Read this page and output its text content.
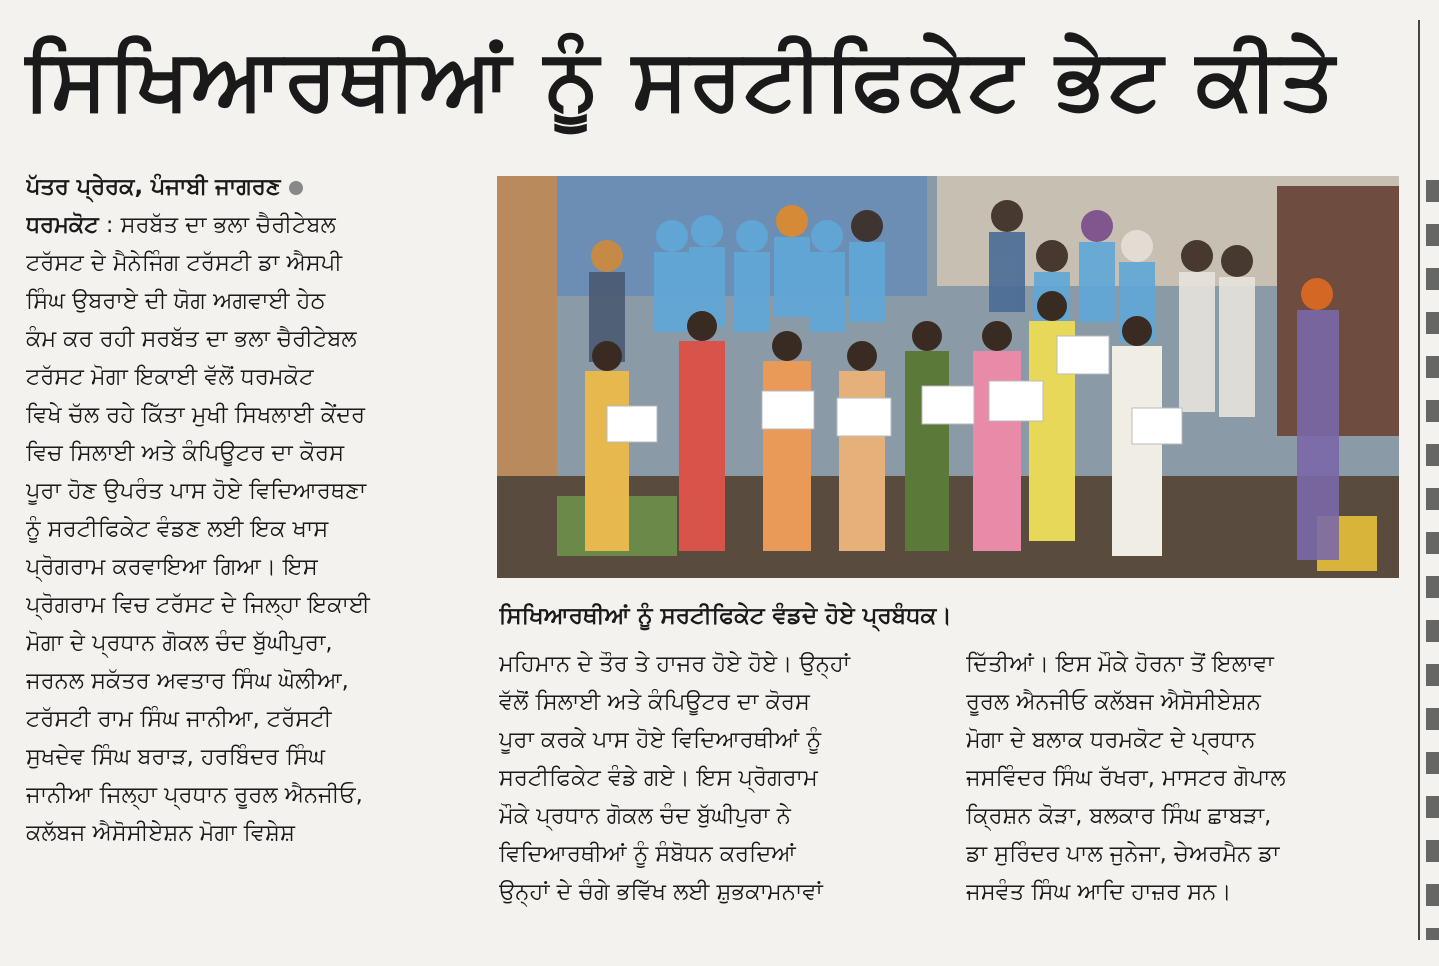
ਸਿਖਿਆਰਥੀਆਂ ਨੂੰ ਸਰਟੀਫਿਕੇਟ ਭੇਟ ਕੀਤੇ

ਪੱਤਰ ਪ੍ਰੇਰਕ, ਪੰਜਾਬੀ ਜਾਗਰਣ

ਧਰਮਕੋਟ : ਸਰਬੱਤ ਦਾ ਭਲਾ ਚੈਰੀਟੇਬਲ

ਟਰੱਸਟ ਦੇ ਮੈਨੇਜਿੰਗ ਟਰੱਸਟੀ ਡਾ ਐਸਪੀ

ਸਿੰਘ ਉਬਰਾਏ ਦੀ ਯੋਗ ਅਗਵਾਈ ਹੇਠ

ਕੰਮ ਕਰ ਰਹੀ ਸਰਬੱਤ ਦਾ ਭਲਾ ਚੈਰੀਟੇਬਲ

ਟਰੱਸਟ ਮੋਗਾ ਇਕਾਈ ਵੱਲੋਂ ਧਰਮਕੋਟ

ਵਿਖੇ ਚੱਲ ਰਹੇ ਕਿੱਤਾ ਮੁਖੀ ਸਿਖਲਾਈ ਕੇਂਦਰ

ਵਿਚ ਸਿਲਾਈ ਅਤੇ ਕੰਪਿਊਟਰ ਦਾ ਕੋਰਸ

ਪੂਰਾ ਹੋਣ ਉਪਰੰਤ ਪਾਸ ਹੋਏ ਵਿਦਿਆਰਥਣਾ

ਨੂੰ ਸਰਟੀਫਿਕੇਟ ਵੰਡਣ ਲਈ ਇਕ ਖਾਸ

ਪ੍ਰੋਗਰਾਮ ਕਰਵਾਇਆ ਗਿਆ। ਇਸ

ਪ੍ਰੋਗਰਾਮ ਵਿਚ ਟਰੱਸਟ ਦੇ ਜਿਲ੍ਹਾ ਇਕਾਈ

ਮੋਗਾ ਦੇ ਪ੍ਰਧਾਨ ਗੋਕਲ ਚੰਦ ਬੁੱਘੀਪੁਰਾ,

ਜਰਨਲ ਸਕੱਤਰ ਅਵਤਾਰ ਸਿੰਘ ਘੋਲੀਆ,

ਟਰੱਸਟੀ ਰਾਮ ਸਿੰਘ ਜਾਨੀਆ, ਟਰੱਸਟੀ

ਸੁਖਦੇਵ ਸਿੰਘ ਬਰਾੜ, ਹਰਬਿੰਦਰ ਸਿੰਘ

ਜਾਨੀਆ ਜਿਲ੍ਹਾ ਪ੍ਰਧਾਨ ਰੂਰਲ ਐਨਜੀਓ,

ਕਲੱਬਜ ਐਸੋਸੀਏਸ਼ਨ ਮੋਗਾ ਵਿਸ਼ੇਸ਼

ਸਿਖਿਆਰਥੀਆਂ ਨੂੰ ਸਰਟੀਫਿਕੇਟ ਵੰਡਦੇ ਹੋਏ ਪ੍ਰਬੰਧਕ।

ਮਹਿਮਾਨ ਦੇ ਤੌਰ ਤੇ ਹਾਜਰ ਹੋਏ ਹੋਏ। ਉਨ੍ਹਾਂ

ਵੱਲੋਂ ਸਿਲਾਈ ਅਤੇ ਕੰਪਿਊਟਰ ਦਾ ਕੋਰਸ

ਪੂਰਾ ਕਰਕੇ ਪਾਸ ਹੋਏ ਵਿਦਿਆਰਥੀਆਂ ਨੂੰ

ਸਰਟੀਫਿਕੇਟ ਵੰਡੇ ਗਏ। ਇਸ ਪ੍ਰੋਗਰਾਮ

ਮੌਕੇ ਪ੍ਰਧਾਨ ਗੋਕਲ ਚੰਦ ਬੁੱਘੀਪੁਰਾ ਨੇ

ਵਿਦਿਆਰਥੀਆਂ ਨੂੰ ਸੰਬੋਧਨ ਕਰਦਿਆਂ

ਉਨ੍ਹਾਂ ਦੇ ਚੰਗੇ ਭਵਿੱਖ ਲਈ ਸ਼ੁਭਕਾਮਨਾਵਾਂ

ਦਿੱਤੀਆਂ। ਇਸ ਮੌਕੇ ਹੋਰਨਾ ਤੋਂ ਇਲਾਵਾ

ਰੂਰਲ ਐਨਜੀਓ ਕਲੱਬਜ ਐਸੋਸੀਏਸ਼ਨ

ਮੋਗਾ ਦੇ ਬਲਾਕ ਧਰਮਕੋਟ ਦੇ ਪ੍ਰਧਾਨ

ਜਸਵਿੰਦਰ ਸਿੰਘ ਰੱਖਰਾ, ਮਾਸਟਰ ਗੋਪਾਲ

ਕ੍ਰਿਸ਼ਨ ਕੋੜਾ, ਬਲਕਾਰ ਸਿੰਘ ਛਾਬੜਾ,

ਡਾ ਸੁਰਿੰਦਰ ਪਾਲ ਜੁਨੇਜਾ, ਚੇਅਰਮੈਨ ਡਾ

ਜਸਵੰਤ ਸਿੰਘ ਆਦਿ ਹਾਜ਼ਰ ਸਨ।
